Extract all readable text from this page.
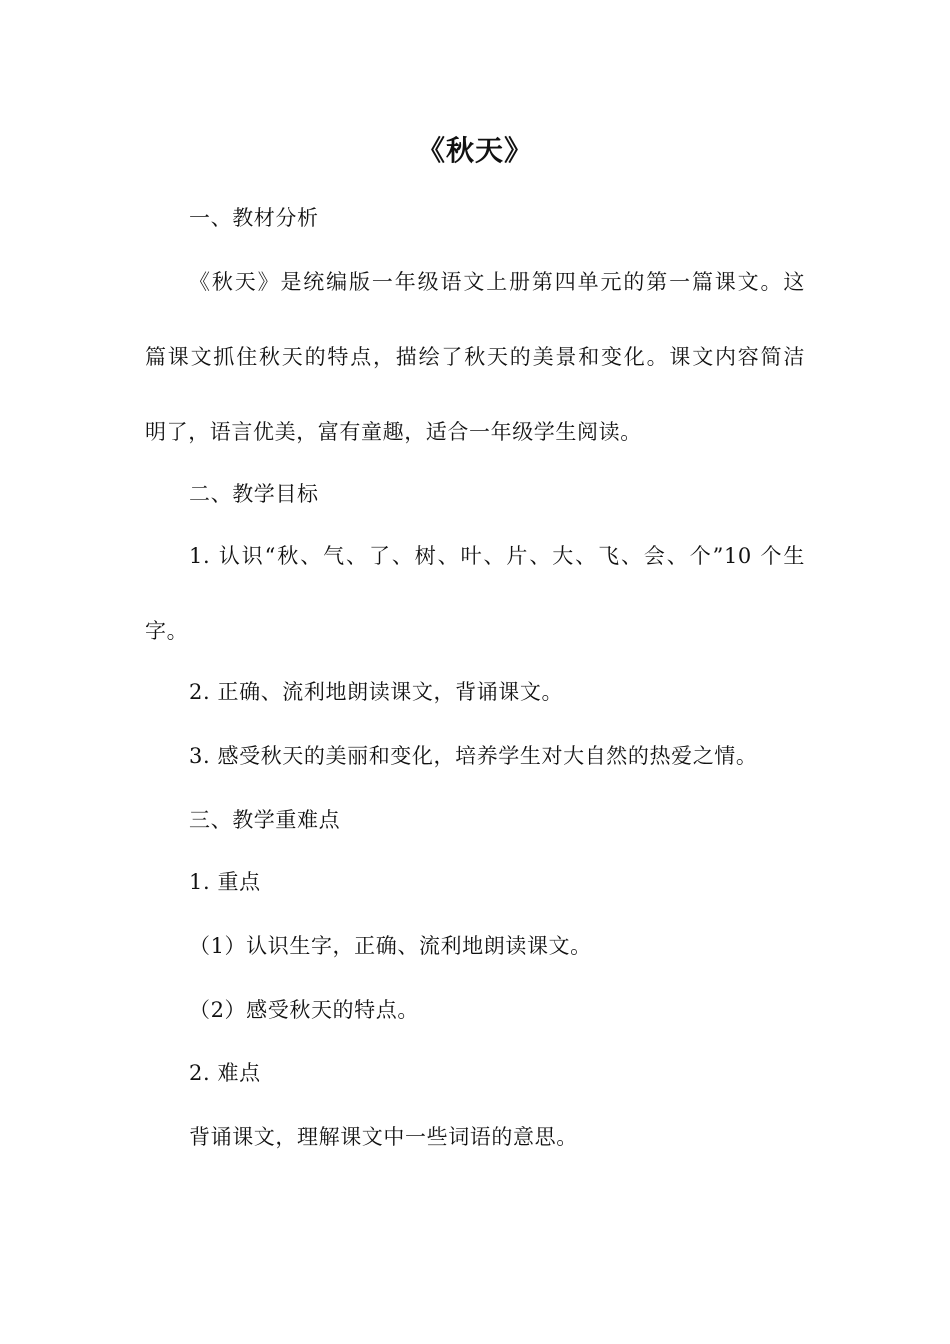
《秋天》
一、教材分析
《秋天》是统编版一年级语文上册第四单元的第一篇课文。这
篇课文抓住秋天的特点，描绘了秋天的美景和变化。课文内容简洁
明了，语言优美，富有童趣，适合一年级学生阅读。
二、教学目标
1. 认识“秋、气、了、树、叶、片、大、飞、会、个”10 个生
字。
2. 正确、流利地朗读课文，背诵课文。
3. 感受秋天的美丽和变化，培养学生对大自然的热爱之情。
三、教学重难点
1. 重点
（1）认识生字，正确、流利地朗读课文。
（2）感受秋天的特点。
2. 难点
背诵课文，理解课文中一些词语的意思。
